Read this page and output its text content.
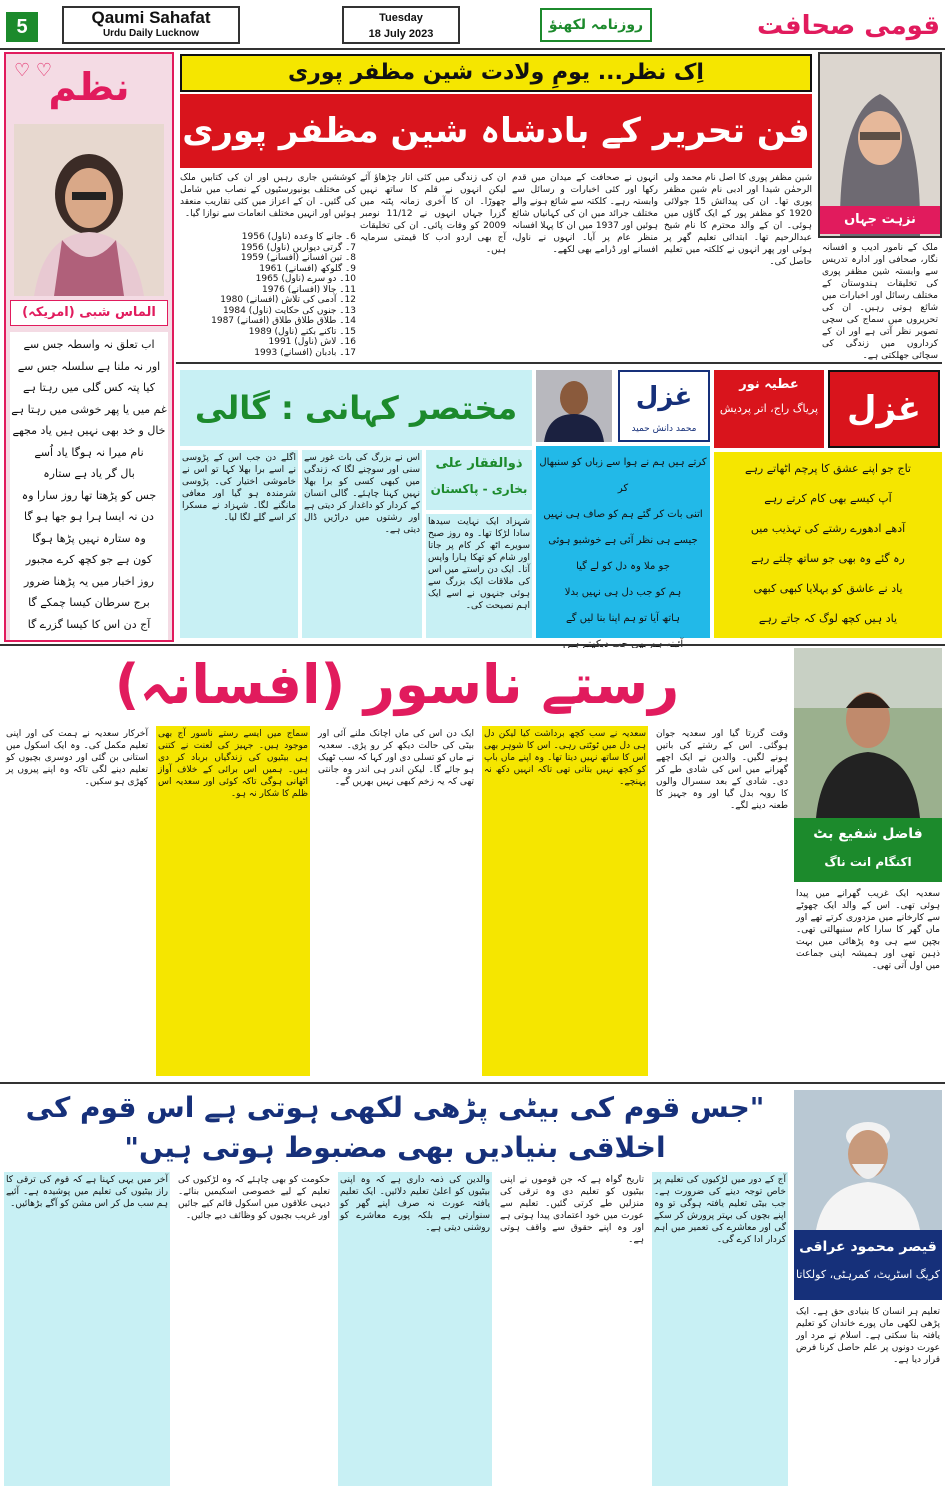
5	Qaumi Sahafat
Urdu Daily Lucknow
Tuesday
18 July 2023
روزنامہ لکھنؤ	قومی صحافت
نظم
♡ ♡
الماس شبی (امریکہ)
اب تعلق نہ واسطہ جس سے
اور نہ ملنا ہے سلسلہ جس سے
کیا پتہ کس گلی میں رہتا ہے
غم میں یا پھر خوشی میں رہتا ہے
خال و خد بھی نہیں ہیں یاد مجھے
نام میرا نہ ہوگا یاد اُسے
بال گر یاد ہے ستارہ
جس کو پڑھتا تھا روز سارا وہ
دن نہ ایسا ہرا ہو جھا ہو گا
وہ ستارہ نہیں پڑھا ہوگا
کون ہے جو کچھ کرے مجبور
روز اخبار میں یہ پڑھنا ضرور
برج سرطان کیسا چمکے گا
آج دن اس کا کیسا گزرے گا
اِک نظر... یومِ ولادت شین مظفر پوری
فن تحریر کے بادشاہ شین مظفر پوری
نزہت جہاں
ملک کے نامور ادیب و افسانہ نگار، صحافی اور ادارہ تدریس سے وابستہ شین مظفر پوری کی تخلیقات ہندوستان کے مختلف رسائل اور اخبارات میں شائع ہوتی رہیں۔ ان کی تحریروں میں سماج کی سچی تصویر نظر آتی ہے اور ان کے کرداروں میں زندگی کی سچائی جھلکتی ہے۔
شین مظفر پوری کا اصل نام محمد ولی الرحمٰن شیدا اور ادبی نام شین مظفر پوری تھا۔ ان کی پیدائش 15 جولائی 1920 کو مظفر پور کے ایک گاؤں میں ہوئی۔ ان کے والد محترم کا نام شیخ عبدالرحیم تھا۔ ابتدائی تعلیم گھر پر ہوئی اور پھر انہوں نے کلکتہ میں تعلیم حاصل کی۔
انہوں نے صحافت کے میدان میں قدم رکھا اور کئی اخبارات و رسائل سے وابستہ رہے۔ کلکتہ سے شائع ہونے والے مختلف جرائد میں ان کی کہانیاں شائع ہوئیں اور 1937 میں ان کا پہلا افسانہ منظر عام پر آیا۔ انہوں نے ناول، افسانے اور ڈرامے بھی لکھے۔
ان کی زندگی میں کئی اتار چڑھاؤ آئے لیکن انہوں نے قلم کا ساتھ نہیں چھوڑا۔ ان کا آخری زمانہ پٹنہ میں گزرا جہاں انہوں نے 11/12 نومبر 2009 کو وفات پائی۔ ان کی تخلیقات آج بھی اردو ادب کا قیمتی سرمایہ ہیں۔
کوششیں جاری رہیں اور ان کی کتابیں ملک کی مختلف یونیورسٹیوں کے نصاب میں شامل کی گئیں۔ ان کے اعزاز میں کئی تقاریب منعقد ہوئیں اور انہیں مختلف انعامات سے نوازا گیا۔
6۔ جانے کا وعدہ (ناول) 1956
7۔ گرتی دیواریں (ناول) 1956
8۔ تین افسانے (افسانے) 1959
9۔ گلوکھ (افسانے) 1961
10۔ دو سرے (ناول) 1965
11۔ جالا (افسانے) 1976
12۔ آدمی کی تلاش (افسانے) 1980
13۔ جنوں کی حکایت (ناول) 1984
14۔ طلاق طلاق طلاق (افسانے) 1987
15۔ تاکنے بکنے (ناول) 1989
16۔ لاش (ناول) 1991
17۔ بادبان (افسانے) 1993
غزل
عطیہ نور
پریاگ راج، اتر پردیش
تاج جو اپنے عشق کا پرچم اٹھاتے رہے
آپ کیسے بھی کام کرتے رہے
آدھے ادھورے رشتے کی تہذیب میں
رہ گئے وہ بھی جو ساتھ چلتے رہے
یاد نے عاشق کو بہلایا کبھی کبھی
یاد ہیں کچھ لوگ کہ جاتے رہے
غزل
محمد دانش حمید
کرتے ہیں ہم نے ہوا سے زباں کو سنبھال کر
اتنی بات کر گئے ہم کو صاف ہی نہیں
جیسے ہی نظر آئی ہے خوشبو ہوئی
جو ملا وہ دل کو لے گیا
ہم کو جب دل ہی نہیں بدلا
ہاتھ آیا تو ہم اپنا بنا لیں گے
مختصر کہانی : گالی
ذوالفقار علی
بخاری - پاکستان
شہزاد ایک نہایت سیدھا سادا لڑکا تھا۔ وہ روز صبح سویرے اٹھ کر کام پر جاتا اور شام کو تھکا ہارا واپس آتا۔ ایک دن راستے میں اس کی ملاقات ایک بزرگ سے ہوئی جنہوں نے اسے ایک اہم نصیحت کی۔
اس نے بزرگ کی بات غور سے سنی اور سوچنے لگا کہ زندگی میں کبھی کسی کو برا بھلا نہیں کہنا چاہئے۔ گالی انسان کے کردار کو داغدار کر دیتی ہے اور رشتوں میں دراڑیں ڈال دیتی ہے۔
اگلے دن جب اس کے پڑوسی نے اسے برا بھلا کہا تو اس نے خاموشی اختیار کی۔ پڑوسی شرمندہ ہو گیا اور معافی مانگنے لگا۔ شہزاد نے مسکرا کر اسے گلے لگا لیا۔
رستے ناسور (افسانہ)
فاضل شفیع بٹ
اکنگام انت ناگ
سعدیہ ایک غریب گھرانے میں پیدا ہوئی تھی۔ اس کے والد ایک چھوٹے سے کارخانے میں مزدوری کرتے تھے اور ماں گھر کا سارا کام سنبھالتی تھی۔ بچپن سے ہی وہ پڑھائی میں بہت ذہین تھی اور ہمیشہ اپنی جماعت میں اول آتی تھی۔
وقت گزرتا گیا اور سعدیہ جوان ہوگئی۔ اس کے رشتے کی باتیں ہونے لگیں۔ والدین نے ایک اچھے گھرانے میں اس کی شادی طے کر دی۔ شادی کے بعد سسرال والوں کا رویہ بدل گیا اور وہ جہیز کا طعنہ دینے لگے۔
سعدیہ نے سب کچھ برداشت کیا لیکن دل ہی دل میں ٹوٹتی رہی۔ اس کا شوہر بھی اس کا ساتھ نہیں دیتا تھا۔ وہ اپنے ماں باپ کو کچھ نہیں بتاتی تھی تاکہ انہیں دکھ نہ پہنچے۔
ایک دن اس کی ماں اچانک ملنے آئی اور بیٹی کی حالت دیکھ کر رو پڑی۔ سعدیہ نے ماں کو تسلی دی اور کہا کہ سب ٹھیک ہو جائے گا۔ لیکن اندر ہی اندر وہ جانتی تھی کہ یہ زخم کبھی نہیں بھریں گے۔
سماج میں ایسے رستے ناسور آج بھی موجود ہیں۔ جہیز کی لعنت نے کتنی ہی بیٹیوں کی زندگیاں برباد کر دی ہیں۔ ہمیں اس برائی کے خلاف آواز اٹھانی ہوگی تاکہ کوئی اور سعدیہ اس ظلم کا شکار نہ ہو۔
آخرکار سعدیہ نے ہمت کی اور اپنی تعلیم مکمل کی۔ وہ ایک اسکول میں استانی بن گئی اور دوسری بچیوں کو تعلیم دینے لگی تاکہ وہ اپنے پیروں پر کھڑی ہو سکیں۔
"جس قوم کی بیٹی پڑھی لکھی ہوتی ہے اس قوم کی اخلاقی بنیادیں بھی مضبوط ہوتی ہیں"
قیصر محمود عراقی
کریگ اسٹریٹ، کمرہٹی، کولکاتا
تعلیم ہر انسان کا بنیادی حق ہے۔ ایک پڑھی لکھی ماں پورے خاندان کو تعلیم یافتہ بنا سکتی ہے۔ اسلام نے مرد اور عورت دونوں پر علم حاصل کرنا فرض قرار دیا ہے۔
آج کے دور میں لڑکیوں کی تعلیم پر خاص توجہ دینے کی ضرورت ہے۔ جب بیٹی تعلیم یافتہ ہوگی تو وہ اپنے بچوں کی بہتر پرورش کر سکے گی اور معاشرے کی تعمیر میں اہم کردار ادا کرے گی۔
تاریخ گواہ ہے کہ جن قوموں نے اپنی بیٹیوں کو تعلیم دی وہ ترقی کی منزلیں طے کرتی گئیں۔ تعلیم سے عورت میں خود اعتمادی پیدا ہوتی ہے اور وہ اپنے حقوق سے واقف ہوتی ہے۔
والدین کی ذمہ داری ہے کہ وہ اپنی بیٹیوں کو اعلیٰ تعلیم دلائیں۔ ایک تعلیم یافتہ عورت نہ صرف اپنے گھر کو سنوارتی ہے بلکہ پورے معاشرے کو روشنی دیتی ہے۔
حکومت کو بھی چاہئے کہ وہ لڑکیوں کی تعلیم کے لیے خصوصی اسکیمیں بنائے۔ دیہی علاقوں میں اسکول قائم کیے جائیں اور غریب بچیوں کو وظائف دیے جائیں۔
آخر میں یہی کہنا ہے کہ قوم کی ترقی کا راز بیٹیوں کی تعلیم میں پوشیدہ ہے۔ آئیے ہم سب مل کر اس مشن کو آگے بڑھائیں۔
